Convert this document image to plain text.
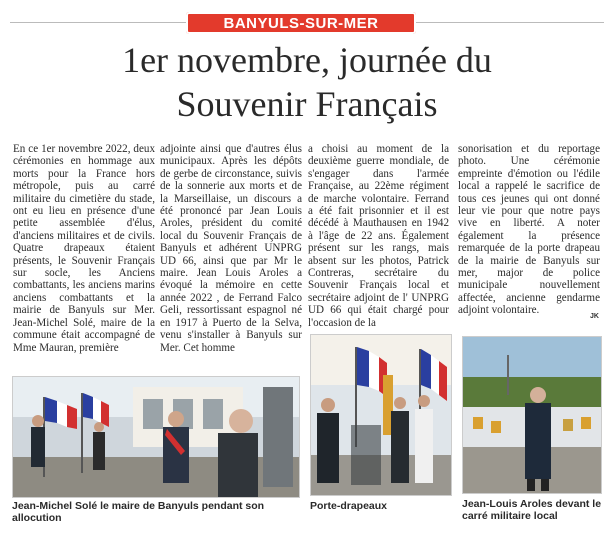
BANYULS-SUR-MER
1er novembre, journée du
Souvenir Français
En ce 1er novembre 2022, deux cérémonies en hommage aux morts pour la France hors métropole, puis au carré militaire du cimetière du stade, ont eu lieu en présence d'une petite assemblée d'élus, d'anciens militaires et de civils. Quatre drapeaux étaient présents, le Souvenir Français sur socle, les Anciens combattants, les anciens marins anciens combattants et la mairie de Banyuls sur Mer. Jean-Michel Solé, maire de la commune était accompagné de Mme Mauran, première
adjointe ainsi que d'autres élus municipaux. Après les dépôts de gerbe de circonstance, suivis de la sonnerie aux morts et de la Marseillaise, un discours a été prononcé par Jean Louis Aroles, président du comité local du Souvenir Français de Banyuls et adhérent UNPRG UD 66, ainsi que par Mr le maire. Jean Louis Aroles a évoqué la mémoire en cette année 2022 , de Ferrand Falco Geli, ressortissant espagnol né en 1917 à Puerto de la Selva, venu s'installer à Banyuls sur Mer. Cet homme
a choisi au moment de la deuxième guerre mondiale, de s'engager dans l'armée Française, au 22ème régiment de marche volontaire. Ferrand a été fait prisonnier et il est décédé à Mauthausen en 1942 à l'âge de 22 ans. Également présent sur les rangs, mais absent sur les photos, Patrick Contreras, secrétaire du Souvenir Français local et secrétaire adjoint de l' UNPRG UD 66 qui était chargé pour l'occasion de la
sonorisation et du reportage photo. Une cérémonie empreinte d'émotion ou l'édile local a rappelé le sacrifice de tous ces jeunes qui ont donné leur vie pour que notre pays vive en liberté. A noter également la présence remarquée de la porte drapeau de la mairie de Banyuls sur mer, major de police municipale nouvellement affectée, ancienne gendarme adjoint volontaire.
JK
Jean-Michel Solé le maire de Banyuls pendant son allocution
Porte-drapeaux	Jean-Louis Aroles devant le carré militaire local
